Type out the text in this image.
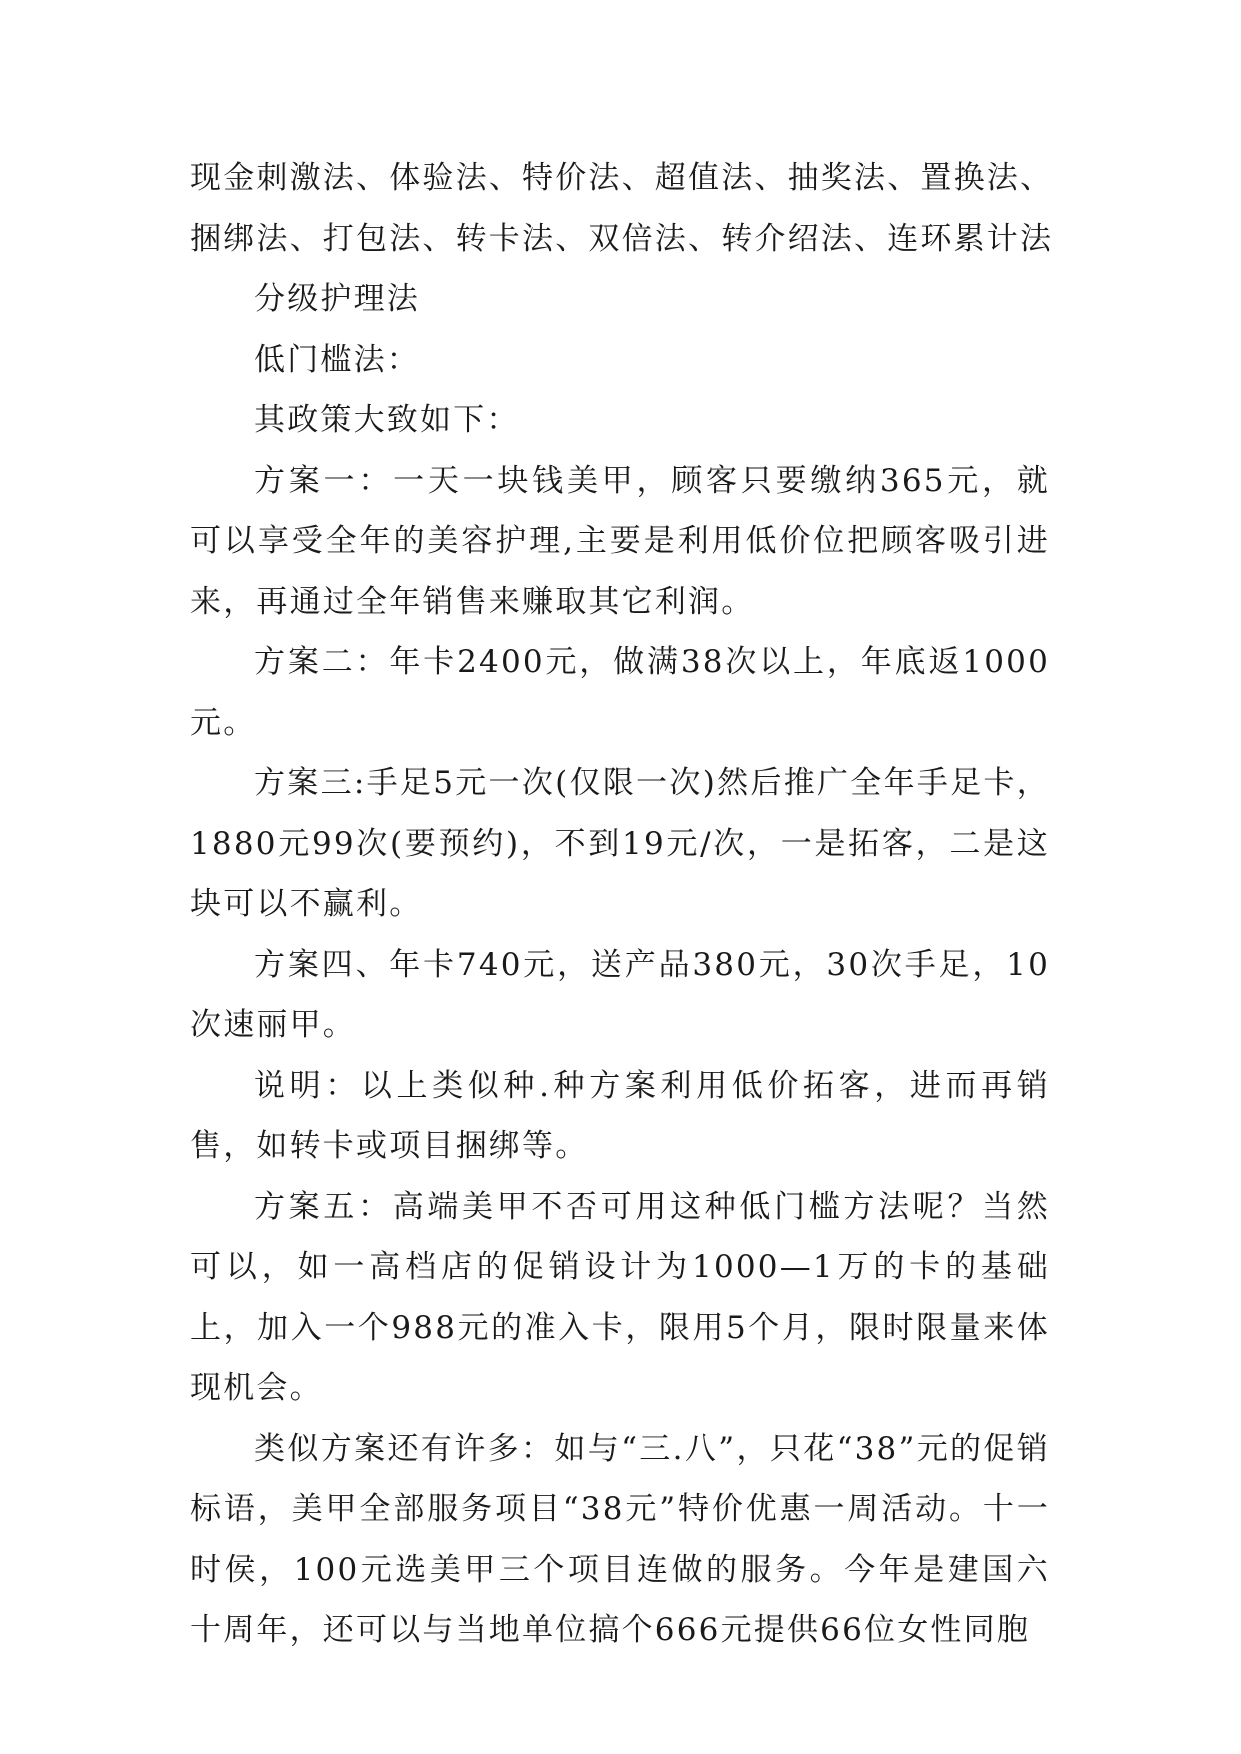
现金刺激法、体验法、特价法、超值法、抽奖法、置换法、

捆绑法、打包法、转卡法、双倍法、转介绍法、连环累计法

分级护理法

低门槛法：

其政策大致如下：

方案一：一天一块钱美甲，顾客只要缴纳365元，就可以享受全年的美容护理,主要是利用低价位把顾客吸引进来，再通过全年销售来赚取其它利润。

方案二：年卡2400元，做满38次以上，年底返1000元。

方案三:手足5元一次(仅限一次)然后推广全年手足卡，1880元99次(要预约)，不到19元/次，一是拓客，二是这块可以不赢利。

方案四、年卡740元，送产品380元，30次手足，10次速丽甲。

说明：以上类似种.种方案利用低价拓客，进而再销售，如转卡或项目捆绑等。

方案五：高端美甲不否可用这种低门槛方法呢？当然可以，如一高档店的促销设计为1000—1万的卡的基础上，加入一个988元的准入卡，限用5个月，限时限量来体现机会。

类似方案还有许多：如与“三.八”，只花“38”元的促销标语，美甲全部服务项目“38元”特价优惠一周活动。十一时侯，100元选美甲三个项目连做的服务。今年是建国六十周年，还可以与当地单位搞个666元提供66位女性同胞
